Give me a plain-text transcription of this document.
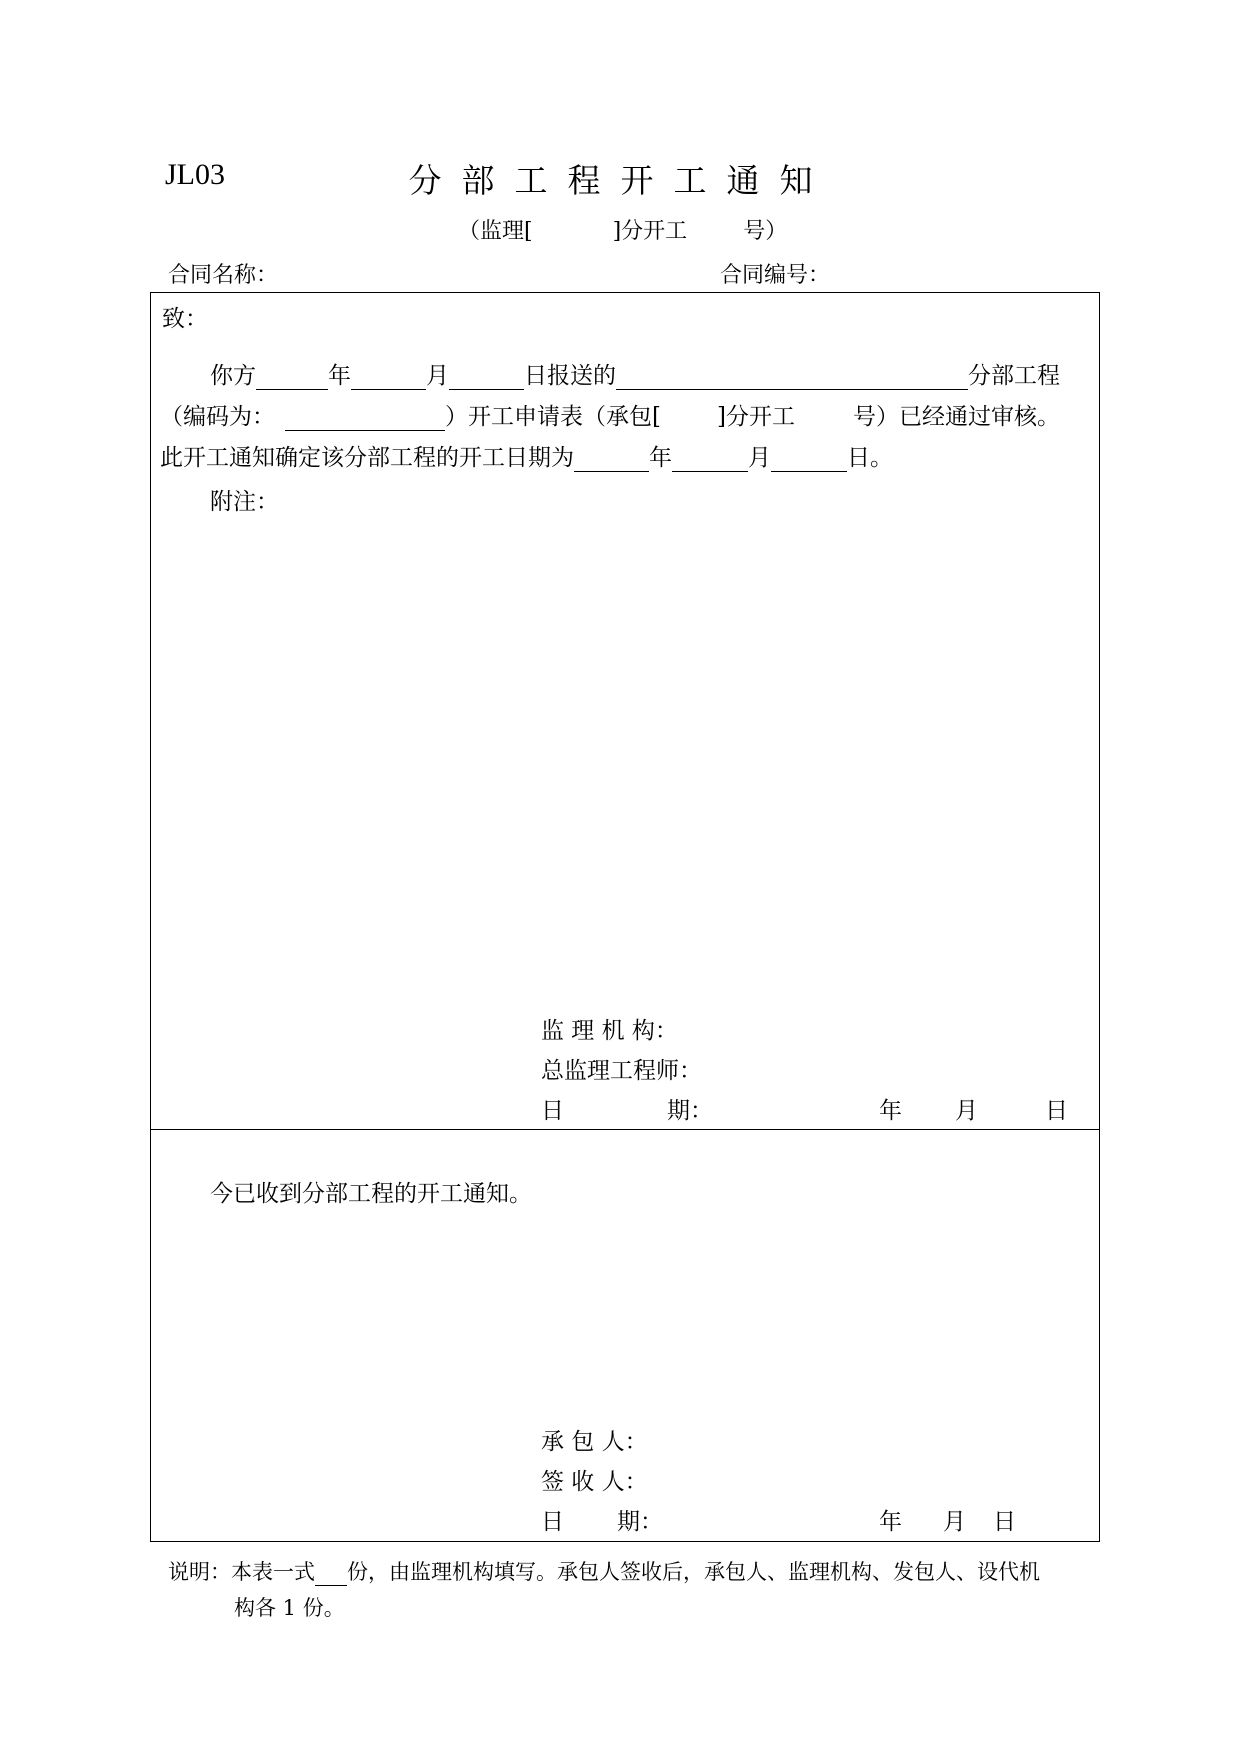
JL03	分部工程开工通知
（监理[	]分开工	号）
合同名称：	合同编号：
致：
你方	年	月	日报送的	分部工程
（编码为：	）开工申请表（承包[ ]分开工	号）已经通过审核。
此开工通知确定该分部工程的开工日期为	年	月	日。
附注：
监 理 机 构：
总监理工程师：
日	期：	年 月	日
今已收到分部工程的开工通知。
承 包 人：
签 收 人：
日 期：	年 月 日
说明：本表一式 份，由监理机构填写。承包人签收后，承包人、监理机构、发包人、设代机
构各 1 份。
